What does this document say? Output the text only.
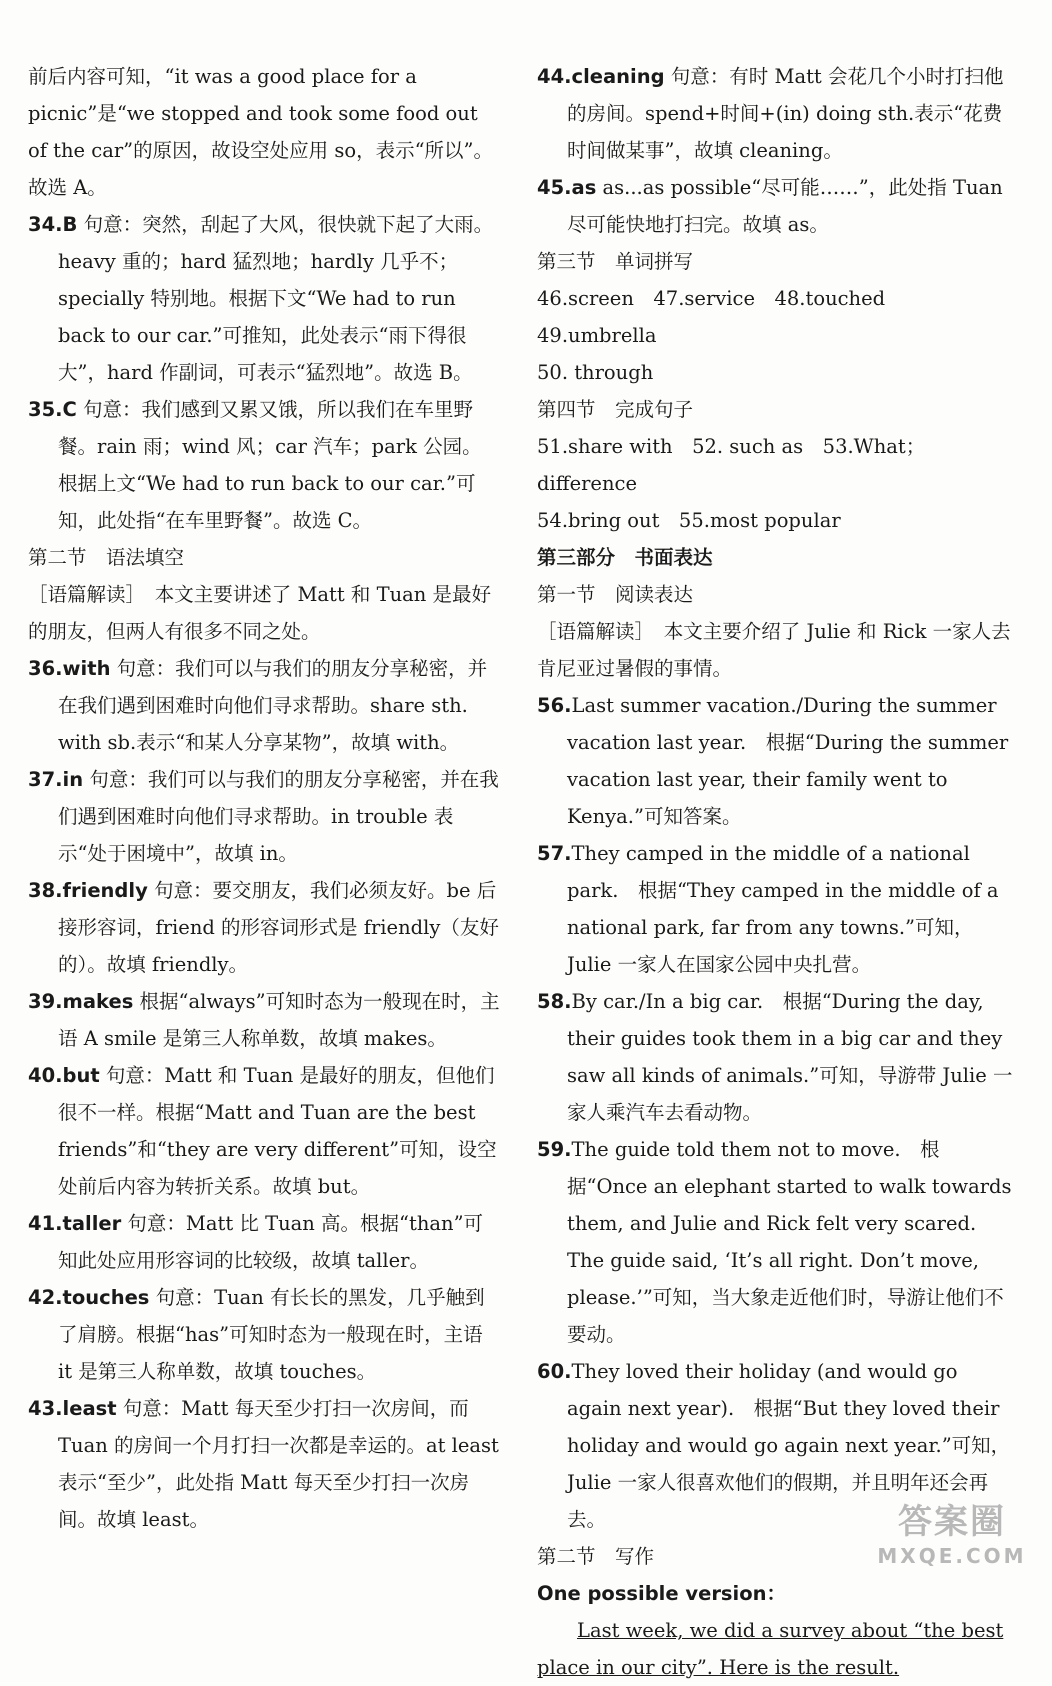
前后内容可知，“it was a good place for a picnic”是“we stopped and took some food out of the car”的原因，故设空处应用 so，表示“所以”。故选 A。

34.B 句意：突然，刮起了大风，很快就下起了大雨。heavy 重的；hard 猛烈地；hardly 几乎不；specially 特别地。根据下文“We had to run back to our car.”可推知，此处表示“雨下得很大”，hard 作副词，可表示“猛烈地”。故选 B。

35.C 句意：我们感到又累又饿，所以我们在车里野餐。rain 雨；wind 风；car 汽车；park 公园。根据上文“We had to run back to our car.”可知，此处指“在车里野餐”。故选 C。

第二节　语法填空

［语篇解读］　本文主要讲述了 Matt 和 Tuan 是最好的朋友，但两人有很多不同之处。

36.with 句意：我们可以与我们的朋友分享秘密，并在我们遇到困难时向他们寻求帮助。share sth. with sb.表示“和某人分享某物”，故填 with。

37.in 句意：我们可以与我们的朋友分享秘密，并在我们遇到困难时向他们寻求帮助。in trouble 表示“处于困境中”，故填 in。

38.friendly 句意：要交朋友，我们必须友好。be 后接形容词，friend 的形容词形式是 friendly（友好的）。故填 friendly。

39.makes 根据“always”可知时态为一般现在时，主语 A smile 是第三人称单数，故填 makes。

40.but 句意：Matt 和 Tuan 是最好的朋友，但他们很不一样。根据“Matt and Tuan are the best friends”和“they are very different”可知，设空处前后内容为转折关系。故填 but。

41.taller 句意：Matt 比 Tuan 高。根据“than”可知此处应用形容词的比较级，故填 taller。

42.touches 句意：Tuan 有长长的黑发，几乎触到了肩膀。根据“has”可知时态为一般现在时，主语 it 是第三人称单数，故填 touches。

43.least 句意：Matt 每天至少打扫一次房间，而 Tuan 的房间一个月打扫一次都是幸运的。at least 表示“至少”，此处指 Matt 每天至少打扫一次房间。故填 least。

44.cleaning 句意：有时 Matt 会花几个小时打扫他的房间。spend+时间+(in) doing sth.表示“花费时间做某事”，故填 cleaning。

45.as as...as possible“尽可能……”，此处指 Tuan 尽可能快地打扫完。故填 as。

第三节　单词拼写

46.screen　47.service　48.touched　49.umbrella

50. through

第四节　完成句子

51.share with　52. such as　53.What；difference

54.bring out　55.most popular

第三部分　书面表达

第一节　阅读表达

［语篇解读］　本文主要介绍了 Julie 和 Rick 一家人去肯尼亚过暑假的事情。

56.Last summer vacation./During the summer vacation last year.　根据“During the summer vacation last year, their family went to Kenya.”可知答案。

57.They camped in the middle of a national park.　根据“They camped in the middle of a national park, far from any towns.”可知，Julie 一家人在国家公园中央扎营。

58.By car./In a big car.　根据“During the day, their guides took them in a big car and they saw all kinds of animals.”可知，导游带 Julie 一家人乘汽车去看动物。

59.The guide told them not to move.　根据“Once an elephant started to walk towards them, and Julie and Rick felt very scared. The guide said, ‘It’s all right. Don’t move, please.’”可知，当大象走近他们时，导游让他们不要动。

60.They loved their holiday (and would go again next year).　根据“But they loved their holiday and would go again next year.”可知，Julie 一家人很喜欢他们的假期，并且明年还会再去。

第二节　写作

One possible version：

Last week, we did a survey about “the best place in our city”. Here is the result.

答案圈
MXQE.COM
